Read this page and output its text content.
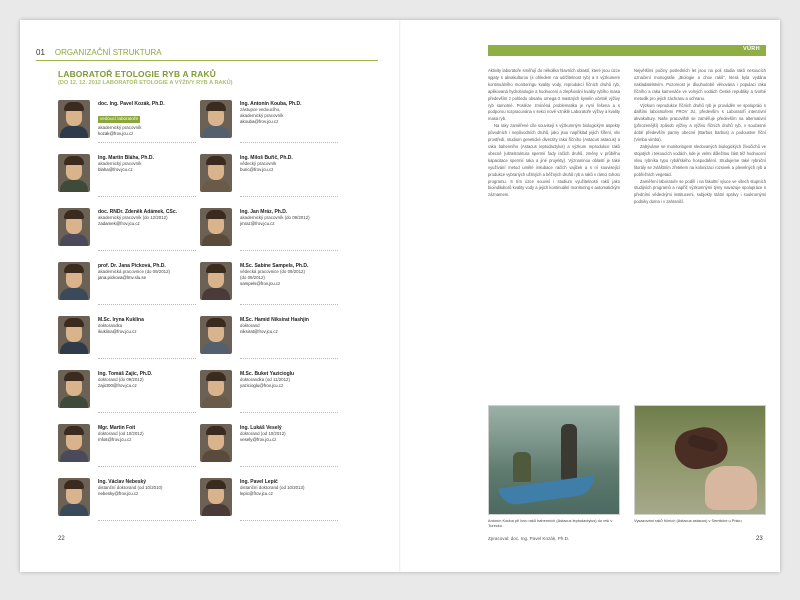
01 ORGANIZAČNÍ STRUKTURA
LABORATOŘ ETOLOGIE RYB A RAKŮ
(DO 12. 12. 2012 LABORATOŘ ETOLOGIE A VÝŽIVY RYB A RAKŮ)
doc. Ing. Pavel Kozák, Ph.D.
vedoucí laboratoře
akademický pracovník
kozak@frov.jcu.cz
Ing. Antonín Kouba, Ph.D.
zástupce vedoucího,
akademický pracovník
akouba@frov.jcu.cz
Ing. Martin Bláha, Ph.D.
akademický pracovník
blaha@frov.jcu.cz
Ing. Miloš Buřič, Ph.D.
vědecký pracovník
buric@frov.jcu.cz
doc. RNDr. Zdeněk Adámek, CSc.
akademický pracovník (do 12/2012)
zadamek@frov.jcu.cz
Ing. Jan Mráz, Ph.D.
akademický pracovník (do 09/2012)
jmraz@frov.jcu.cz
prof. Dr. Jana Pícková, Ph.D.
akademická pracovnice (do 09/2012)
jana.pickova@lmv.slu.se
M.Sc. Sabine Sampels, Ph.D.
vědecká pracovnice (do 09/2012)
(do 09/2012)
sampels@frov.jcu.cz
M.Sc. Iryna Kuklina
doktorandka
ikuklina@frov.jcu.cz
M.Sc. Hamid Niksirat Hashjin
doktorand
niksirat@frov.jcu.cz
Ing. Tomáš Zajíc, Ph.D.
doktorand (do 09/2012)
zajict00@frov.jcu.cz
M.Sc. Buket Yazicioglu
doktorandka (od 11/2012)
yazicioglu@frov.jcu.cz
Mgr. Martin Foit
doktorand (od 10/2012)
mfoit@frov.jcu.cz
Ing. Lukáš Veselý
doktorand (od 10/2012)
vesely@frov.jcu.cz
Ing. Václav Nebeský
distanční doktorand (od 10/2010)
nebesky@frov.jcu.cz
Ing. Pavel Lepič
distanční doktorand (od 10/2013)
lepic@frov.jcu.cz
22
VÚRH

Aktivity laboratoře směřují do několika hlavních oblastí, které jsou úzce spjaty s akvakulturou (s ohledem na udržitelnost ryb) a s výzkumem kontinuálního monitoringu kvality vody, reprodukcí řičních druhů ryb, aplikovaná hydrobiologie a hodnocení a zlepšování kvality rybího masa především z pohledu obsahu omega-3 mastných kyselin včetně výživy ryb samotné. Posléze zmíněná problematika je nyní řešena a s podporou rozpracována v sekci nově vzniklé Laboratoře výživy a kvality masa ryb.

Na raky zaměřené cíle souvisejí s výzkumným biologickým aspekty původních i nepůvodních druhů, jako jsou například jejich šíření, vliv prostředí, studium genetické diverzity raka říčního (Astacus astacus) a raka bahenního (Astacus leptodactylus) a výzkum reprodukce raků obecně (ultrastruktura spermií řady račích druhů, změny v průběhu kapacitace spermií raka a jiné projekty). Významnou oblastí je také využívání metod umělé inkubace račích vajíček a s ní související produkce vybraných užitných a běžných druhů ryb a raků v rámci tohoto programu. S tím úzce souvisí i studium využitelnosti raků jako bioindikátorů kvality vody a jejich kontinuální monitoring s automatickým záznamem.

Největšími počiny posledních let jsou na poli studia raků nesoucích označení monografie „Biologie a chov raků“, která byla vydána nakladatelstvím. Pozornost je dlouhodobě věnována i populaci raka říčního a raka kamenáče ve volných vodách České republiky a tvorbě metodik pro jejich záchranu a ochranu.

Výzkum reprodukce říčních druhů ryb je prováděn ve spolupráci s dalšími laboratořemi FROV JU, především s Laboratoří intenzivní akvakultury. Naše pracoviště se zaměřuje především na alternativní (přirozenější) způsob výživy a výživu říčních druhů ryb, v současné době především parmy obecné (Barbus barbus) a podoustve říční (Vimba vimba).

Zabýváme se monitoringem sledovaných biologických živočichů ve stojatých i tekoucích vodách, kde je velmi důležitou část též hodnocení vlivu rybníka typu rybářského hospodaření. Studujeme také rybniční litorály se zvláštním zřetelem na kolonizaci rozsivek a plevelných ryb a pobřežních vegetací.

Zaměření laboratoře se podílí i na fakultní výuce ve všech stupních studijních programů a napříč výzkumnými týmy navazuje spolupráce s předními vědeckými institucemi, subjekty státní správy i soukromými podniky doma i v zahraničí.

Antonín Kouba při lovu raků bahenních (Astacus leptodactylus) do vrší v Turecku.
Vysazování raků říčních (Astacus astacus) v Semtické u Písku.
Zpracoval: doc. Ing. Pavel Kozák, Ph.D.	23
